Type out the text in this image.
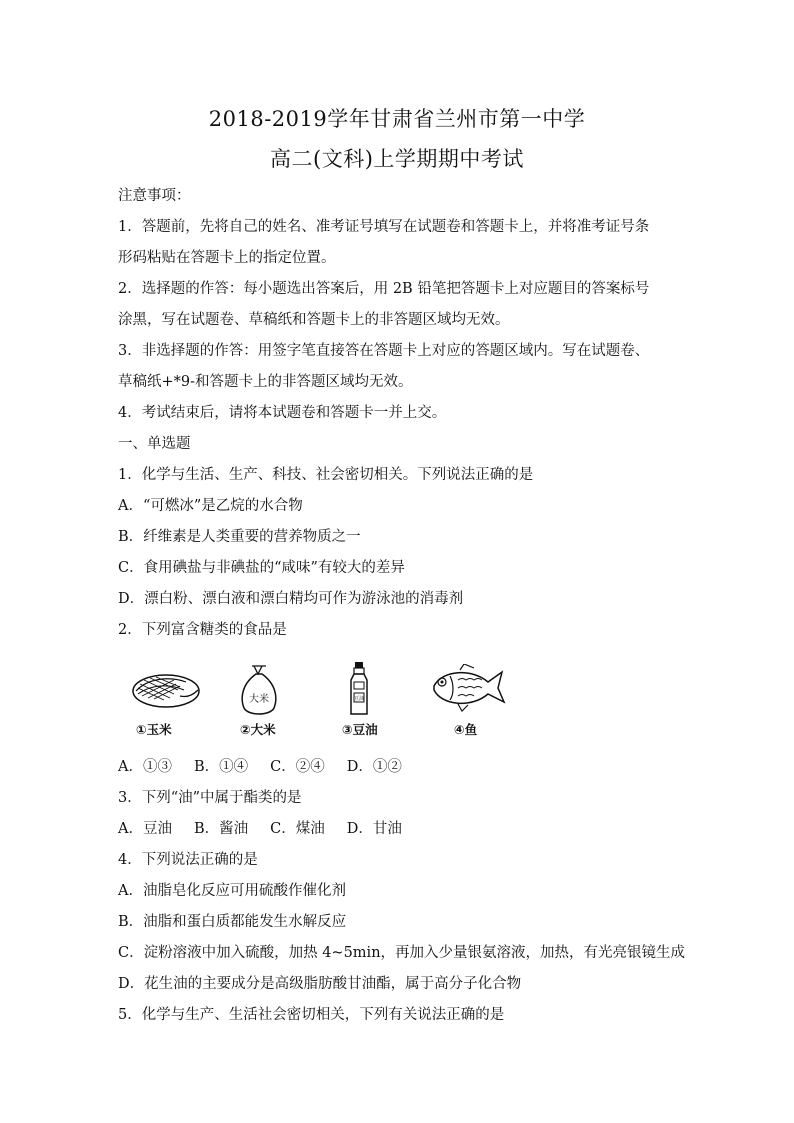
2018-2019学年甘肃省兰州市第一中学
高二(文科)上学期期中考试
注意事项：
1．答题前，先将自己的姓名、准考证号填写在试题卷和答题卡上，并将准考证号条
形码粘贴在答题卡上的指定位置。
2．选择题的作答：每小题选出答案后，用 2B 铅笔把答题卡上对应题目的答案标号
涂黑，写在试题卷、草稿纸和答题卡上的非答题区域均无效。
3．非选择题的作答：用签字笔直接答在答题卡上对应的答题区域内。写在试题卷、
草稿纸+*9-和答题卡上的非答题区域均无效。
4．考试结束后，请将本试题卷和答题卡一并上交。
一、单选题
1．化学与生活、生产、科技、社会密切相关。下列说法正确的是
A．“可燃冰”是乙烷的水合物
B．纤维素是人类重要的营养物质之一
C．食用碘盐与非碘盐的“咸味”有较大的差异
D．漂白粉、漂白液和漂白精均可作为游泳池的消毒剂
2．下列富含糖类的食品是
①玉米
大米
②大米
豆油
③豆油	④鱼
A．①③ B．①④ C．②④ D．①②
3．下列“油”中属于酯类的是
A．豆油 B．酱油 C．煤油 D．甘油
4．下列说法正确的是
A．油脂皂化反应可用硫酸作催化剂
B．油脂和蛋白质都能发生水解反应
C．淀粉溶液中加入硫酸，加热 4~5min，再加入少量银氨溶液，加热，有光亮银镜生成
D．花生油的主要成分是高级脂肪酸甘油酯，属于高分子化合物
5．化学与生产、生活社会密切相关，下列有关说法正确的是
